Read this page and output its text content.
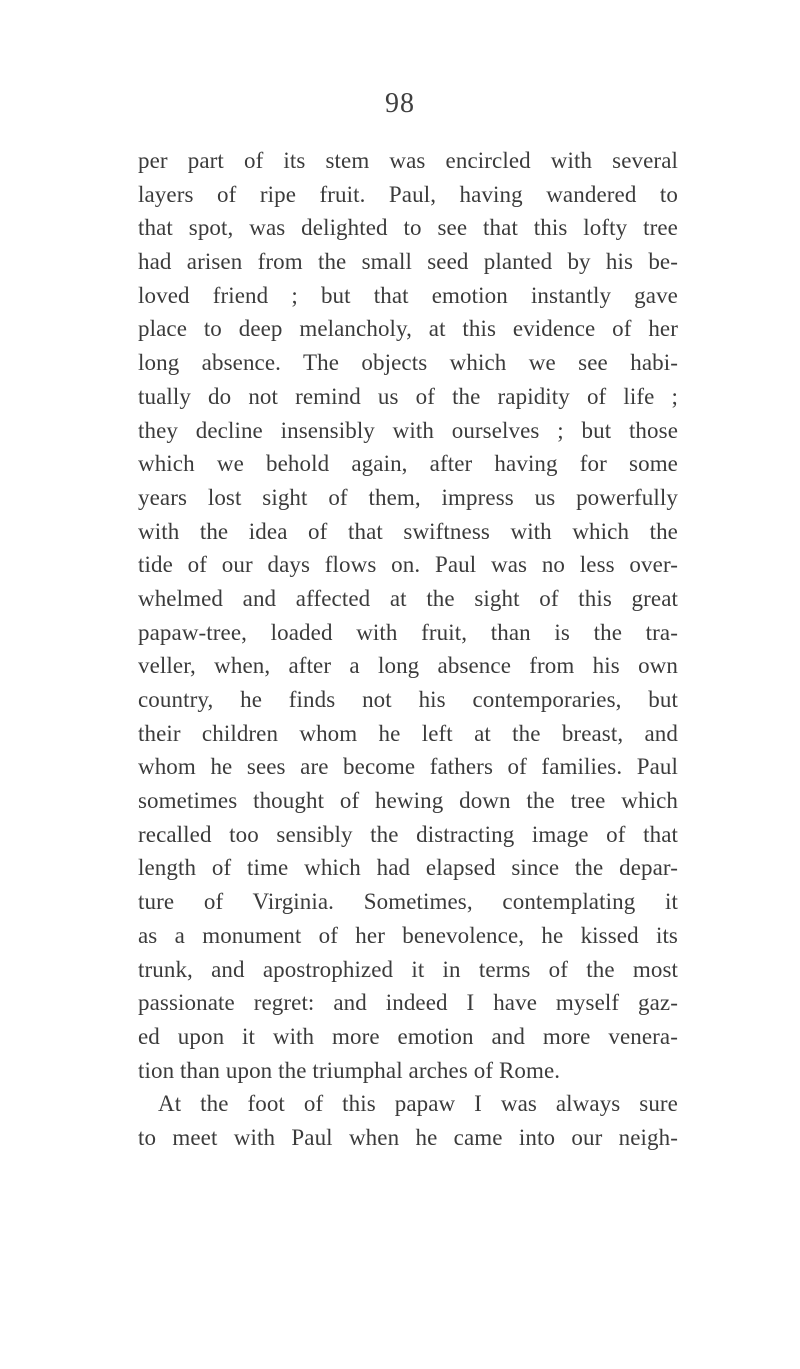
98
per part of its stem was encircled with several
layers of ripe fruit. Paul, having wandered to
that spot, was delighted to see that this lofty tree
had arisen from the small seed planted by his be-
loved friend ; but that emotion instantly gave
place to deep melancholy, at this evidence of her
long absence. The objects which we see habi-
tually do not remind us of the rapidity of life ;
they decline insensibly with ourselves ; but those
which we behold again, after having for some
years lost sight of them, impress us powerfully
with the idea of that swiftness with which the
tide of our days flows on. Paul was no less over-
whelmed and affected at the sight of this great
papaw-tree, loaded with fruit, than is the tra-
veller, when, after a long absence from his own
country, he finds not his contemporaries, but
their children whom he left at the breast, and
whom he sees are become fathers of families. Paul
sometimes thought of hewing down the tree which
recalled too sensibly the distracting image of that
length of time which had elapsed since the depar-
ture of Virginia. Sometimes, contemplating it
as a monument of her benevolence, he kissed its
trunk, and apostrophized it in terms of the most
passionate regret: and indeed I have myself gaz-
ed upon it with more emotion and more venera-
tion than upon the triumphal arches of Rome.
At the foot of this papaw I was always sure
to meet with Paul when he came into our neigh-
